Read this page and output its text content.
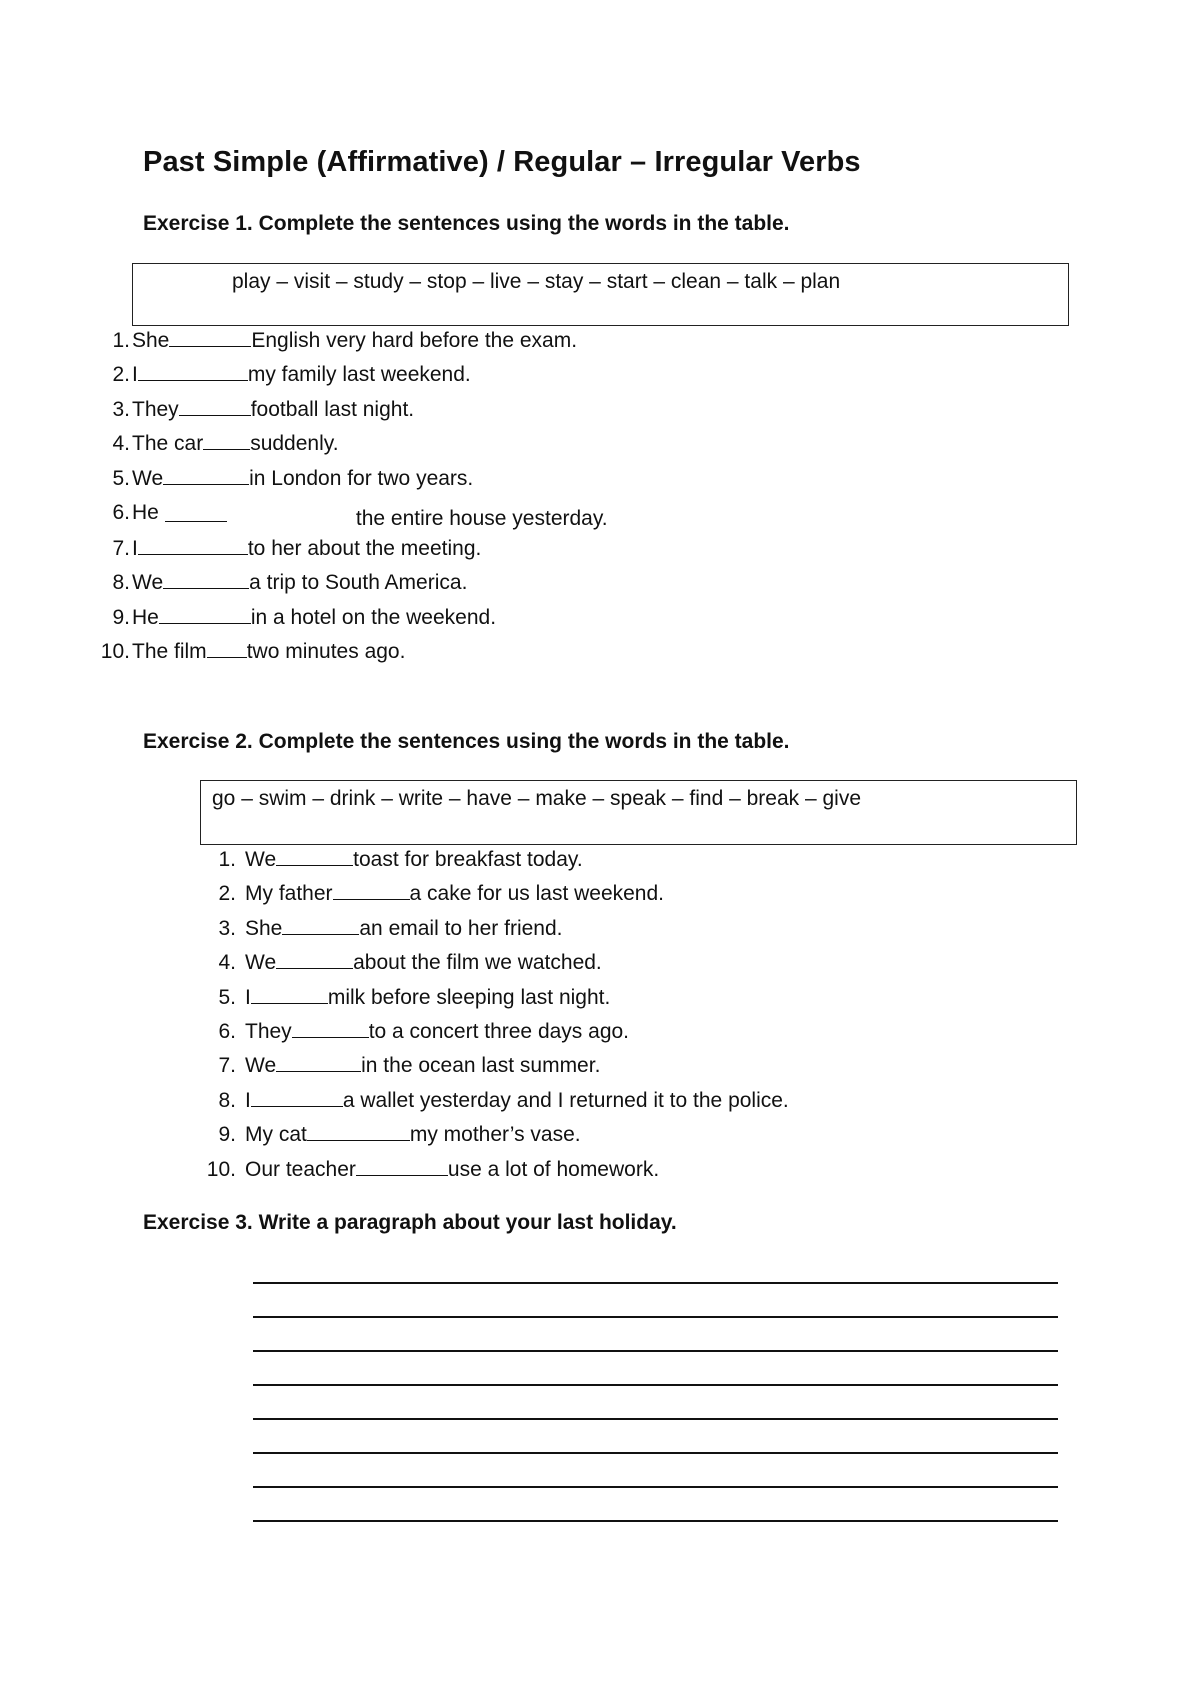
Past Simple (Affirmative) / Regular – Irregular Verbs
Exercise 1. Complete the sentences using the words in the table.
play – visit – study – stop – live – stay – start – clean – talk – plan
1.She	English very hard before the exam.
2.I	my family last weekend.
3.They	football last night.
4.The car suddenly.
5.We	in London for two years.
6.He	the entire house yesterday.
7.I	to her about the meeting.
8.We	a trip to South America.
9.He	in a hotel on the weekend.
10.The film two minutes ago.
Exercise 2. Complete the sentences using the words in the table.
go – swim – drink – write – have – make – speak – find – break – give
1. We	toast for breakfast today.
2. My father	a cake for us last weekend.
3. She	an email to her friend.
4. We	about the film we watched.
5. I	milk before sleeping last night.
6. They	to a concert three days ago.
7. We	in the ocean last summer.
8. I	a wallet yesterday and I returned it to the police.
9. My cat	my mother’s vase.
10. Our teacher	use a lot of homework.
Exercise 3. Write a paragraph about your last holiday.
